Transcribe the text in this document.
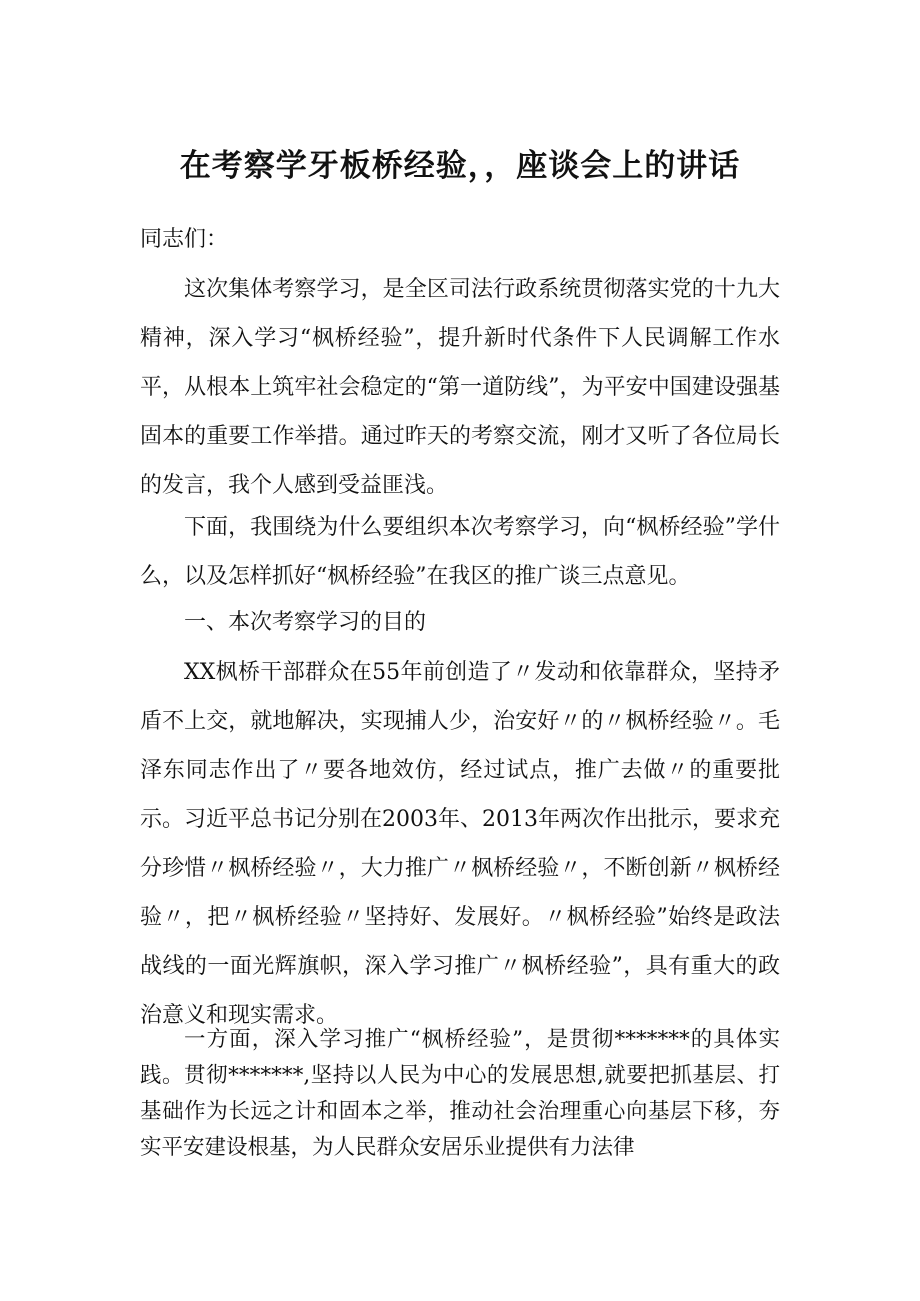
在考察学牙板桥经验，，座谈会上的讲话

同志们：

这次集体考察学习，是全区司法行政系统贯彻落实党的十九大精神，深入学习“枫桥经验”，提升新时代条件下人民调解工作水平，从根本上筑牢社会稳定的“第一道防线”，为平安中国建设强基固本的重要工作举措。通过昨天的考察交流，刚才又听了各位局长的发言，我个人感到受益匪浅。

下面，我围绕为什么要组织本次考察学习，向“枫桥经验”学什么，以及怎样抓好“枫桥经验”在我区的推广谈三点意见。

一、本次考察学习的目的

XX枫桥干部群众在55年前创造了〃发动和依靠群众，坚持矛盾不上交，就地解决，实现捕人少，治安好〃的〃枫桥经验〃。毛泽东同志作出了〃要各地效仿，经过试点，推广去做〃的重要批示。习近平总书记分别在2003年、2013年两次作出批示，要求充分珍惜〃枫桥经验〃，大力推广〃枫桥经验〃，不断创新〃枫桥经验〃，把〃枫桥经验〃坚持好、发展好。〃枫桥经验”始终是政法战线的一面光辉旗帜，深入学习推广〃枫桥经验”，具有重大的政治意义和现实需求。

一方面，深入学习推广“枫桥经验”，是贯彻*******的具体实践。贯彻*******,坚持以人民为中心的发展思想,就要把抓基层、打基础作为长远之计和固本之举，推动社会治理重心向基层下移，夯实平安建设根基，为人民群众安居乐业提供有力法律
